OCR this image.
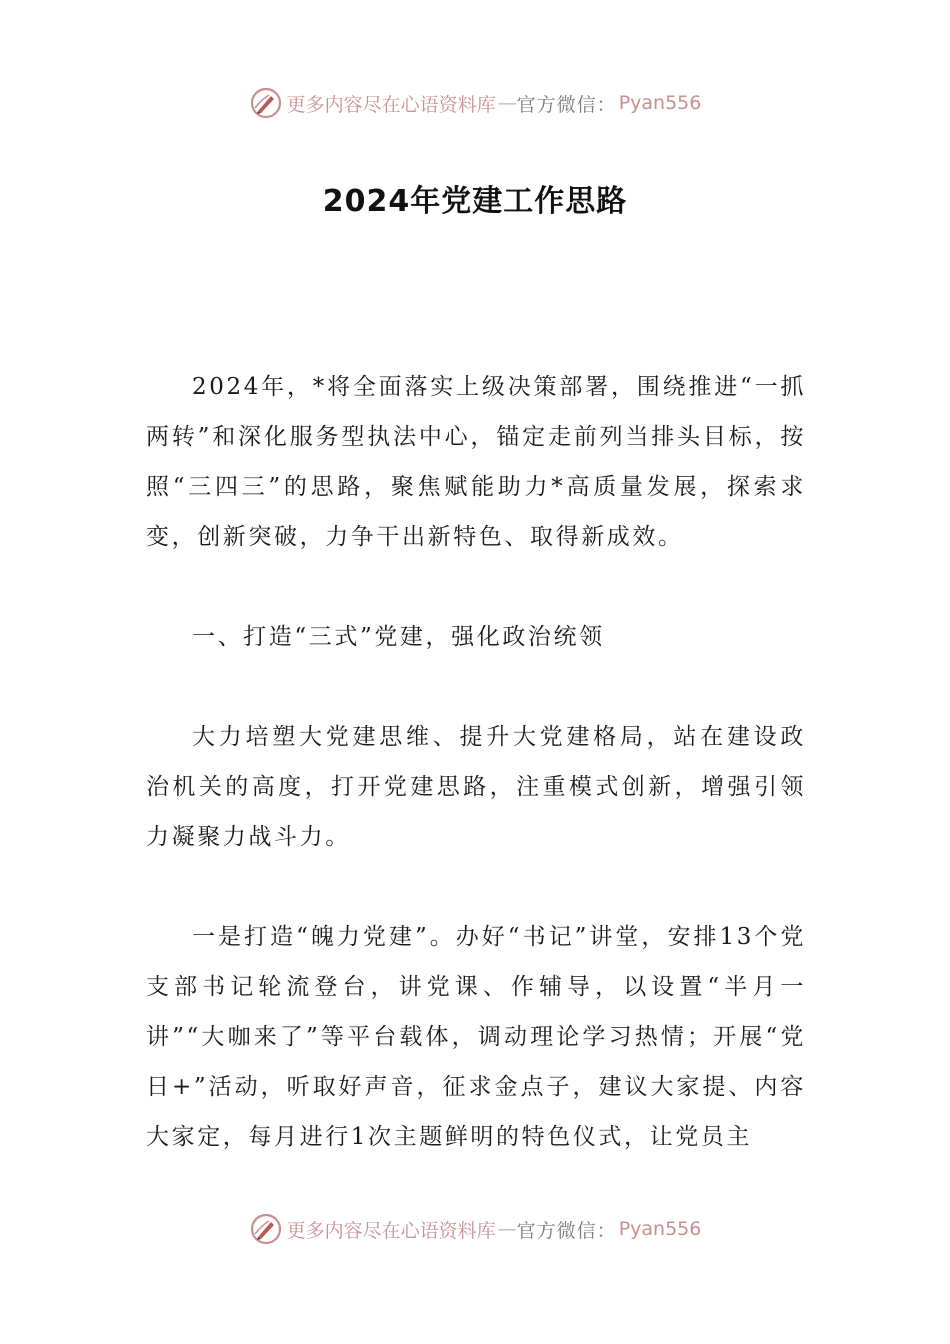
更多内容尽在心语资料库 — 官方微信： Pyan556
2024年党建工作思路

2024年，*将全面落实上级决策部署，围绕推进“一抓两转”和深化服务型执法中心，锚定走前列当排头目标，按照“三四三”的思路，聚焦赋能助力*高质量发展，探索求变，创新突破，力争干出新特色、取得新成效。

一、打造“三式”党建，强化政治统领

大力培塑大党建思维、提升大党建格局，站在建设政治机关的高度，打开党建思路，注重模式创新，增强引领力凝聚力战斗力。

一是打造“魄力党建”。办好“书记”讲堂，安排13个党支部书记轮流登台，讲党课、作辅导，以设置“半月一讲”“大咖来了”等平台载体，调动理论学习热情；开展“党日+”活动，听取好声音，征求金点子，建议大家提、内容大家定，每月进行1次主题鲜明的特色仪式，让党员主

更多内容尽在心语资料库 — 官方微信： Pyan556
